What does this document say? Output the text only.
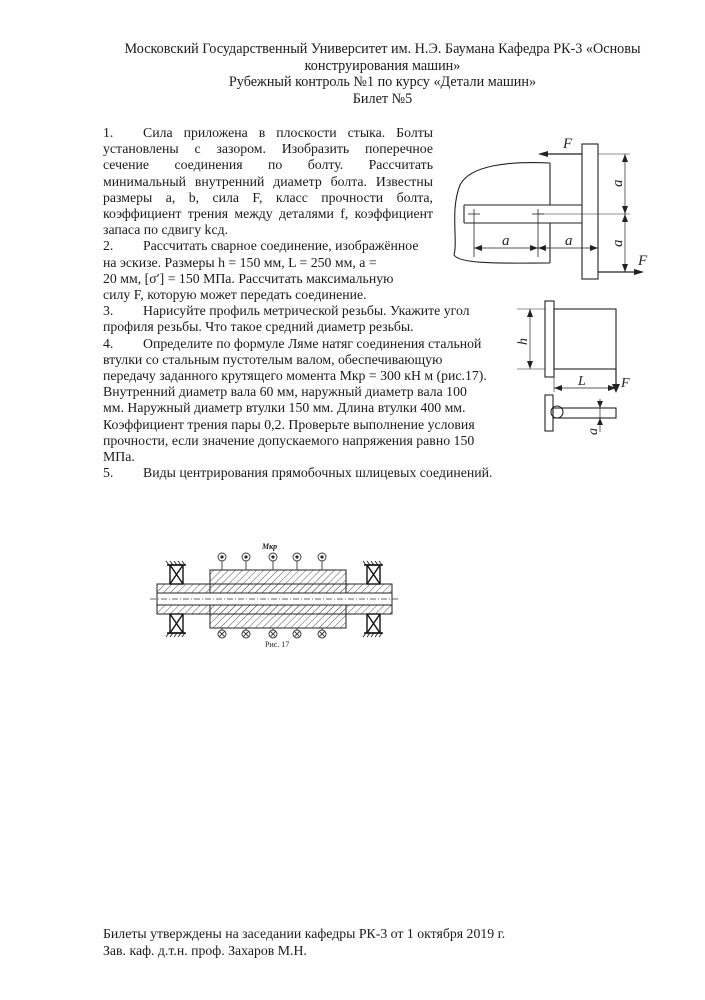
Московский Государственный Университет им. Н.Э. Баумана Кафедра РК-3 «Основы
конструирования машин»
Рубежный контроль №1 по курсу «Детали машин»
Билет №5
1. Сила приложена в плоскости стыка. Болты
установлены с зазором. Изобразить поперечное
сечение соединения по болту. Рассчитать
минимальный внутренний диаметр болта. Известны
размеры a, b, сила F, класс прочности болта,
коэффициент трения между деталями f, коэффициент
запаса по сдвигу kсд.
2. Рассчитать сварное соединение, изображённое
на эскизе. Размеры h = 150 мм, L = 250 мм, a =
20 мм, [σ′] = 150 МПа. Рассчитать максимальную
силу F, которую может передать соединение.
3. Нарисуйте профиль метрической резьбы. Укажите угол
профиля резьбы. Что такое средний диаметр резьбы.
4. Определите по формуле Ляме натяг соединения стальной
втулки со стальным пустотелым валом, обеспечивающую
передачу заданного крутящего момента Мкр = 300 кН м (рис.17).
Внутренний диаметр вала 60 мм, наружный диаметр вала 100
мм. Наружный диаметр втулки 150 мм. Длина втулки 400 мм.
Коэффициент трения пары 0,2. Проверьте выполнение условия
прочности, если значение допускаемого напряжения равно 150
МПа.
5. Виды центрирования прямобочных шлицевых соединений.
F
F
a	a
a
a
h
L	F
a
Mкр
Рис. 17
Билеты утверждены на заседании кафедры РК-3 от 1 октября 2019 г.
Зав. каф. д.т.н. проф. Захаров М.Н.
